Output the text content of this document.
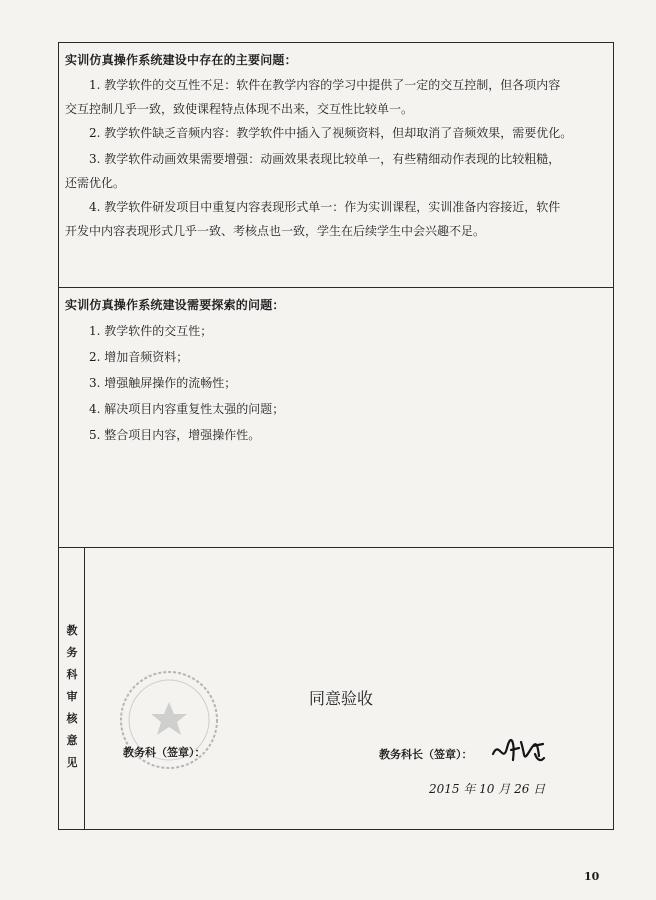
实训仿真操作系统建设中存在的主要问题：
1. 教学软件的交互性不足：软件在教学内容的学习中提供了一定的交互控制，但各项内容
交互控制几乎一致，致使课程特点体现不出来，交互性比较单一。
2. 教学软件缺乏音频内容：教学软件中插入了视频资料，但却取消了音频效果，需要优化。
3. 教学软件动画效果需要增强：动画效果表现比较单一，有些精细动作表现的比较粗糙，
还需优化。
4. 教学软件研发项目中重复内容表现形式单一：作为实训课程，实训准备内容接近，软件
开发中内容表现形式几乎一致、考核点也一致，学生在后续学生中会兴趣不足。
实训仿真操作系统建设需要探索的问题：
1. 教学软件的交互性；
2. 增加音频资料；
3. 增强触屏操作的流畅性；
4. 解决项目内容重复性太强的问题；
5. 整合项目内容，增强操作性。
教
务
科
审
核
意
见
同意验收
教务科（签章）：	教务科长（签章）：
2015 年 10 月 26 日
10
